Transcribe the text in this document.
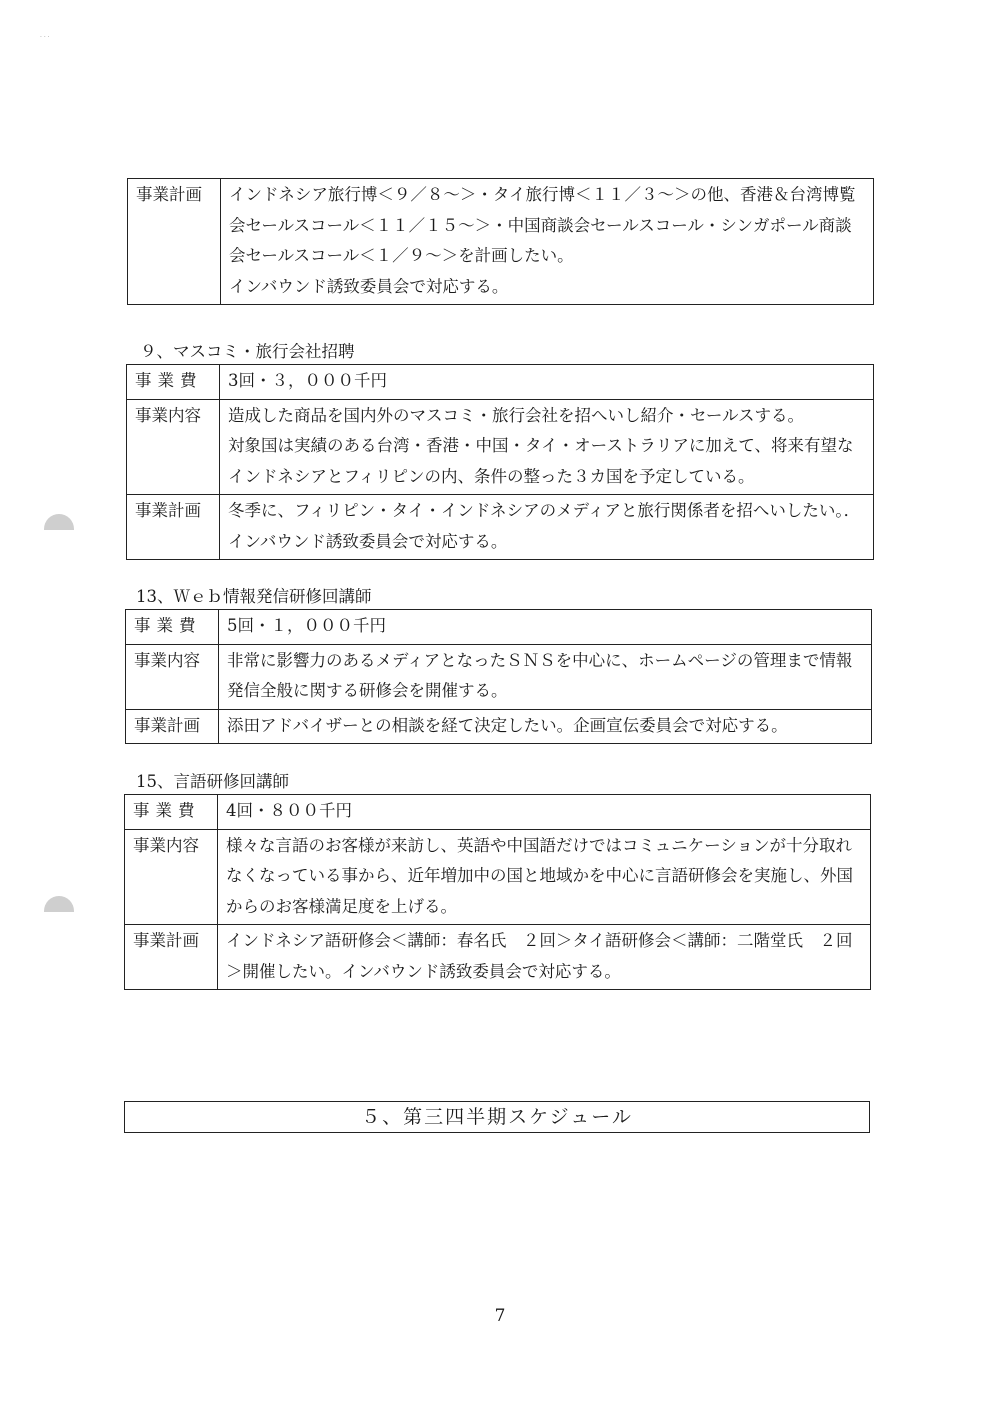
· · ·
事業計画	インドネシア旅行博＜９／８～＞・タイ旅行博＜１１／３～＞の他、香港＆台湾博覧会セールスコール＜１１／１５～＞・中国商談会セールスコール・シンガポール商談会セールスコール＜１／９～＞を計画したい。
インバウンド誘致委員会で対応する。
９、マスコミ・旅行会社招聘
事業費	3回・３，０００千円
事業内容	造成した商品を国内外のマスコミ・旅行会社を招へいし紹介・セールスする。
対象国は実績のある台湾・香港・中国・タイ・オーストラリアに加えて、将来有望なインドネシアとフィリピンの内、条件の整った３カ国を予定している。

事業計画	冬季に、フィリピン・タイ・インドネシアのメディアと旅行関係者を招へいしたい。．インバウンド誘致委員会で対応する。
13、Ｗｅｂ情報発信研修回講師
事業費	5回・１，０００千円
事業内容	非常に影響力のあるメディアとなったＳＮＳを中心に、ホームページの管理まで情報発信全般に関する研修会を開催する。
事業計画	添田アドバイザーとの相談を経て決定したい。企画宣伝委員会で対応する。
15、言語研修回講師
事業費	4回・８００千円
事業内容	様々な言語のお客様が来訪し、英語や中国語だけではコミュニケーションが十分取れなくなっている事から、近年増加中の国と地域かを中心に言語研修会を実施し、外国からのお客様満足度を上げる。
事業計画	インドネシア語研修会＜講師：春名氏　２回＞タイ語研修会＜講師：二階堂氏　２回＞開催したい。インバウンド誘致委員会で対応する。
５、第三四半期スケジュール
7
